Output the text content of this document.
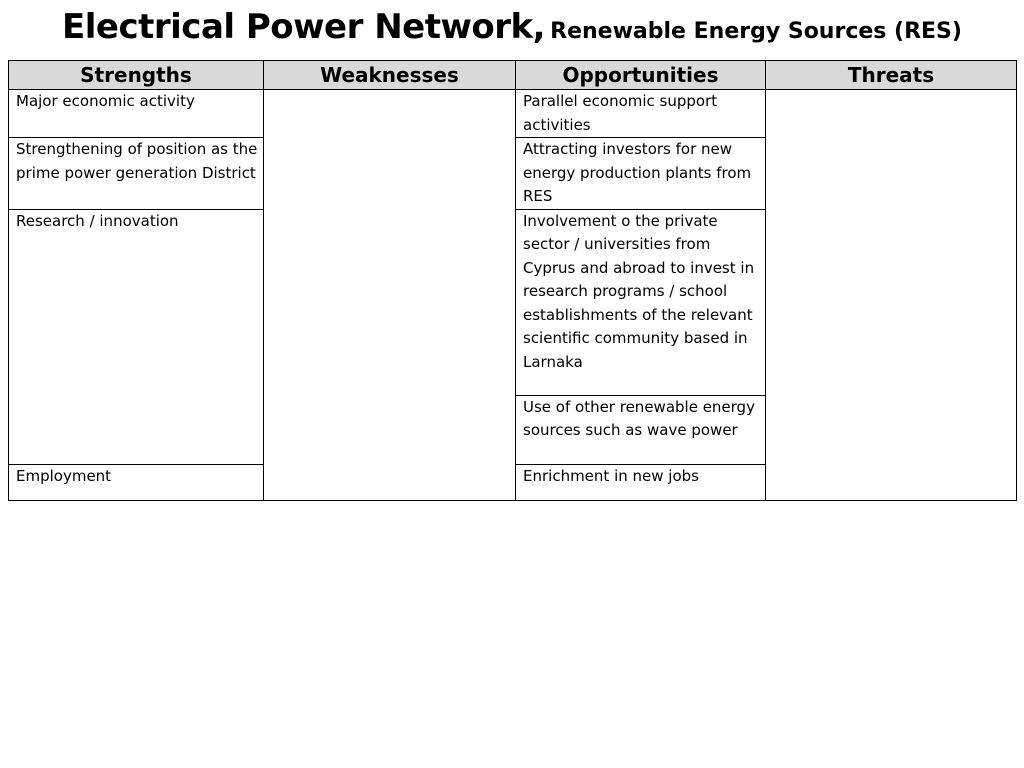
Electrical Power Network, Renewable Energy Sources (RES)
Strengths	Weaknesses	Opportunities	Threats
Major economic activity		Parallel economic support activities	
Strengthening of position as the prime power generation District		Attracting investors for new energy production plants from RES	
Research / innovation		Involvement o the private sector / universities from Cyprus and abroad to invest in research programs / school establishments of the relevant scientific community based in Larnaka	
		Use of other renewable energy sources such as wave power	
Employment		Enrichment in new jobs	
